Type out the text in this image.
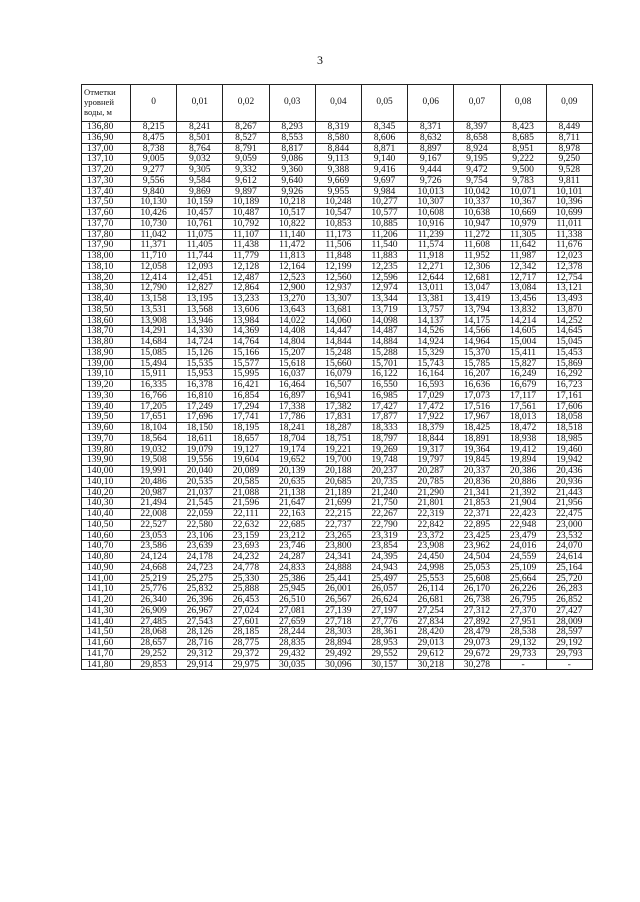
3
Отметки уровней воды, м	0	0,01	0,02	0,03	0,04	0,05	0,06	0,07	0,08	0,09
136,80	8,215	8,241	8,267	8,293	8,319	8,345	8,371	8,397	8,423	8,449
136,90	8,475	8,501	8,527	8,553	8,580	8,606	8,632	8,658	8,685	8,711
137,00	8,738	8,764	8,791	8,817	8,844	8,871	8,897	8,924	8,951	8,978
137,10	9,005	9,032	9,059	9,086	9,113	9,140	9,167	9,195	9,222	9,250
137,20	9,277	9,305	9,332	9,360	9,388	9,416	9,444	9,472	9,500	9,528
137,30	9,556	9,584	9,612	9,640	9,669	9,697	9,726	9,754	9,783	9,811
137,40	9,840	9,869	9,897	9,926	9,955	9,984	10,013	10,042	10,071	10,101
137,50	10,130	10,159	10,189	10,218	10,248	10,277	10,307	10,337	10,367	10,396
137,60	10,426	10,457	10,487	10,517	10,547	10,577	10,608	10,638	10,669	10,699
137,70	10,730	10,761	10,792	10,822	10,853	10,885	10,916	10,947	10,979	11,011
137,80	11,042	11,075	11,107	11,140	11,173	11,206	11,239	11,272	11,305	11,338
137,90	11,371	11,405	11,438	11,472	11,506	11,540	11,574	11,608	11,642	11,676
138,00	11,710	11,744	11,779	11,813	11,848	11,883	11,918	11,952	11,987	12,023
138,10	12,058	12,093	12,128	12,164	12,199	12,235	12,271	12,306	12,342	12,378
138,20	12,414	12,451	12,487	12,523	12,560	12,596	12,644	12,681	12,717	12,754
138,30	12,790	12,827	12,864	12,900	12,937	12,974	13,011	13,047	13,084	13,121
138,40	13,158	13,195	13,233	13,270	13,307	13,344	13,381	13,419	13,456	13,493
138,50	13,531	13,568	13,606	13,643	13,681	13,719	13,757	13,794	13,832	13,870
138,60	13,908	13,946	13,984	14,022	14,060	14,098	14,137	14,175	14,214	14,252
138,70	14,291	14,330	14,369	14,408	14,447	14,487	14,526	14,566	14,605	14,645
138,80	14,684	14,724	14,764	14,804	14,844	14,884	14,924	14,964	15,004	15,045
138,90	15,085	15,126	15,166	15,207	15,248	15,288	15,329	15,370	15,411	15,453
139,00	15,494	15,535	15,577	15,618	15,660	15,701	15,743	15,785	15,827	15,869
139,10	15,911	15,953	15,995	16,037	16,079	16,122	16,164	16,207	16,249	16,292
139,20	16,335	16,378	16,421	16,464	16,507	16,550	16,593	16,636	16,679	16,723
139,30	16,766	16,810	16,854	16,897	16,941	16,985	17,029	17,073	17,117	17,161
139,40	17,205	17,249	17,294	17,338	17,382	17,427	17,472	17,516	17,561	17,606
139,50	17,651	17,696	17,741	17,786	17,831	17,877	17,922	17,967	18,013	18,058
139,60	18,104	18,150	18,195	18,241	18,287	18,333	18,379	18,425	18,472	18,518
139,70	18,564	18,611	18,657	18,704	18,751	18,797	18,844	18,891	18,938	18,985
139,80	19,032	19,079	19,127	19,174	19,221	19,269	19,317	19,364	19,412	19,460
139,90	19,508	19,556	19,604	19,652	19,700	19,748	19,797	19,845	19,894	19,942
140,00	19,991	20,040	20,089	20,139	20,188	20,237	20,287	20,337	20,386	20,436
140,10	20,486	20,535	20,585	20,635	20,685	20,735	20,785	20,836	20,886	20,936
140,20	20,987	21,037	21,088	21,138	21,189	21,240	21,290	21,341	21,392	21,443
140,30	21,494	21,545	21,596	21,647	21,699	21,750	21,801	21,853	21,904	21,956
140,40	22,008	22,059	22,111	22,163	22,215	22,267	22,319	22,371	22,423	22,475
140,50	22,527	22,580	22,632	22,685	22,737	22,790	22,842	22,895	22,948	23,000
140,60	23,053	23,106	23,159	23,212	23,265	23,319	23,372	23,425	23,479	23,532
140,70	23,586	23,639	23,693	23,746	23,800	23,854	23,908	23,962	24,016	24,070
140,80	24,124	24,178	24,232	24,287	24,341	24,395	24,450	24,504	24,559	24,614
140,90	24,668	24,723	24,778	24,833	24,888	24,943	24,998	25,053	25,109	25,164
141,00	25,219	25,275	25,330	25,386	25,441	25,497	25,553	25,608	25,664	25,720
141,10	25,776	25,832	25,888	25,945	26,001	26,057	26,114	26,170	26,226	26,283
141,20	26,340	26,396	26,453	26,510	26,567	26,624	26,681	26,738	26,795	26,852
141,30	26,909	26,967	27,024	27,081	27,139	27,197	27,254	27,312	27,370	27,427
141,40	27,485	27,543	27,601	27,659	27,718	27,776	27,834	27,892	27,951	28,009
141,50	28,068	28,126	28,185	28,244	28,303	28,361	28,420	28,479	28,538	28,597
141,60	28,657	28,716	28,775	28,835	28,894	28,953	29,013	29,073	29,132	29,192
141,70	29,252	29,312	29,372	29,432	29,492	29,552	29,612	29,672	29,733	29,793
141,80	29,853	29,914	29,975	30,035	30,096	30,157	30,218	30,278	-	-
